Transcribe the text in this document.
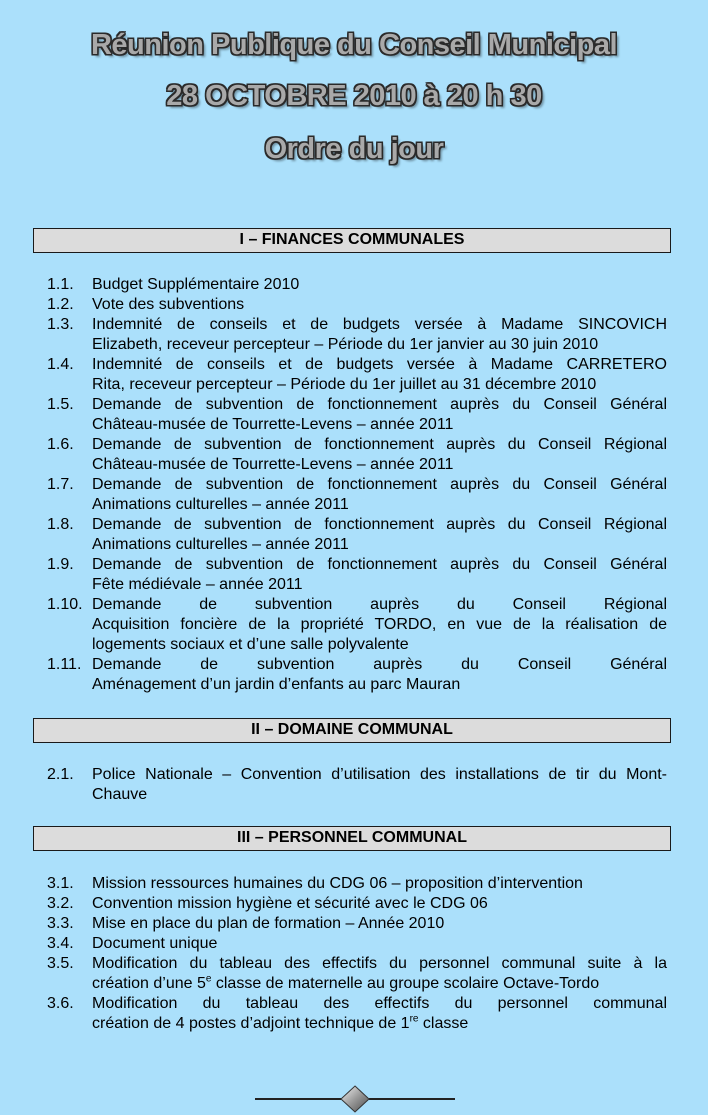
Réunion Publique du Conseil Municipal
28 OCTOBRE 2010 à 20 h 30
Ordre du jour
I – FINANCES COMMUNALES
1.1.	Budget Supplémentaire 2010
1.2.	Vote des subventions
1.3.	Indemnité de conseils et de budgets versée à Madame SINCOVICH
Elizabeth, receveur percepteur – Période du 1er janvier au 30 juin 2010
1.4.	Indemnité de conseils et de budgets versée à Madame CARRETERO
Rita, receveur percepteur – Période du 1er juillet au 31 décembre 2010
1.5.	Demande de subvention de fonctionnement auprès du Conseil Général
Château-musée de Tourrette-Levens – année 2011
1.6.	Demande de subvention de fonctionnement auprès du Conseil Régional
Château-musée de Tourrette-Levens – année 2011
1.7.	Demande de subvention de fonctionnement auprès du Conseil Général
Animations culturelles – année 2011
1.8.	Demande de subvention de fonctionnement auprès du Conseil Régional
Animations culturelles – année 2011
1.9.	Demande de subvention de fonctionnement auprès du Conseil Général
Fête médiévale – année 2011
1.10. Demande de subvention auprès du Conseil Régional
Acquisition foncière de la propriété TORDO, en vue de la réalisation de
logements sociaux et d’une salle polyvalente
1.11. Demande de subvention auprès du Conseil Général
Aménagement d’un jardin d’enfants au parc Mauran
II – DOMAINE COMMUNAL
2.1.	Police Nationale – Convention d’utilisation des installations de tir du Mont-
Chauve
III – PERSONNEL COMMUNAL
3.1.	Mission ressources humaines du CDG 06 – proposition d’intervention
3.2.	Convention mission hygiène et sécurité avec le CDG 06
3.3.	Mise en place du plan de formation – Année 2010
3.4.	Document unique
3.5.	Modification du tableau des effectifs du personnel communal suite à la
création d’une 5e classe de maternelle au groupe scolaire Octave-Tordo
3.6.	Modification du tableau des effectifs du personnel communal
création de 4 postes d’adjoint technique de 1re classe
